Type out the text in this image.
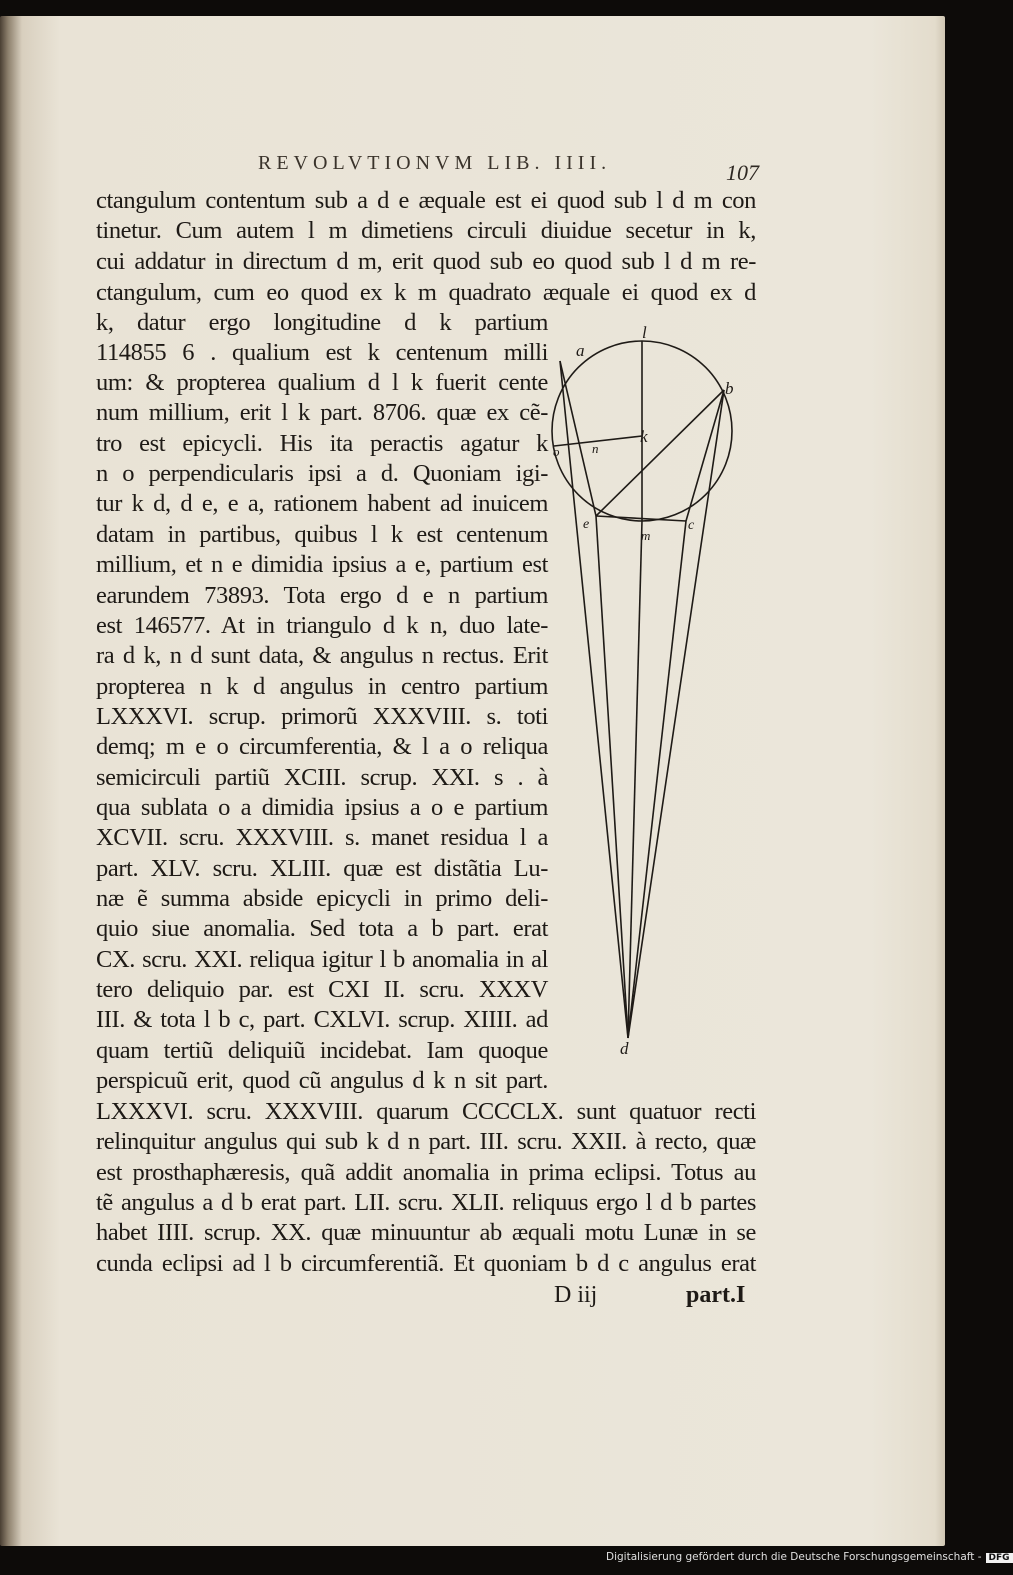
REVOLVTIONVM LIB. IIII.	107
ctangulum contentum sub a d e æquale est ei quod sub l d m con
tinetur. Cum autem l m dimetiens circuli diuidue secetur in k,
cui addatur in directum d m, erit quod sub eo quod sub l d m re-
ctangulum, cum eo quod ex k m quadrato æquale ei quod ex d
k, datur ergo longitudine d k partium
114855 6 . qualium est k centenum milli
um: & propterea qualium d l k fuerit cente
num millium, erit l k part. 8706. quæ ex cẽ-
tro est epicycli. His ita peractis agatur k
n o perpendicularis ipsi a d. Quoniam igi-
tur k d, d e, e a, rationem habent ad inuicem
datam in partibus, quibus l k est centenum
millium, et n e dimidia ipsius a e, partium est
earundem 73893. Tota ergo d e n partium
est 146577. At in triangulo d k n, duo late-
ra d k, n d sunt data, & angulus n rectus. Erit
propterea n k d angulus in centro partium
LXXXVI. scrup. primorũ XXXVIII. s. toti
demq; m e o circumferentia, & l a o reliqua
semicirculi partiũ XCIII. scrup. XXI. s . à
qua sublata o a dimidia ipsius a o e partium
XCVII. scru. XXXVIII. s. manet residua l a
part. XLV. scru. XLIII. quæ est distãtia Lu-
næ ẽ summa abside epicycli in primo deli-
quio siue anomalia. Sed tota a b part. erat
CX. scru. XXI. reliqua igitur l b anomalia in al
tero deliquio par. est CXI II. scru. XXXV
III. & tota l b c, part. CXLVI. scrup. XIIII. ad
quam tertiũ deliquiũ incidebat. Iam quoque
perspicuũ erit, quod cũ angulus d k n sit part.
LXXXVI. scru. XXXVIII. quarum CCCCLX. sunt quatuor recti
relinquitur angulus qui sub k d n part. III. scru. XXII. à recto, quæ
est prosthaphæresis, quã addit anomalia in prima eclipsi. Totus au
tẽ angulus a d b erat part. LII. scru. XLII. reliquus ergo l d b partes
habet IIII. scrup. XX. quæ minuuntur ab æquali motu Lunæ in se
cunda eclipsi ad l b circumferentiã. Et quoniam b d c angulus erat
D iij	part.I
l
a
b
k
o	n
e
m
c
d
Digitalisierung gefördert durch die Deutsche Forschungsgemeinschaft - DFG
